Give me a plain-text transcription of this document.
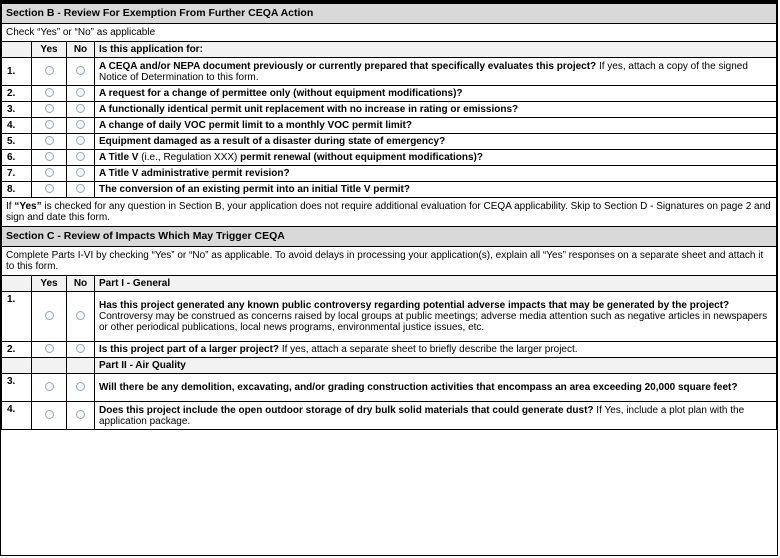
Section B - Review For Exemption From Further CEQA Action			
Check “Yes” or “No” as applicable			
	Yes	No	Is this application for:
1.			A CEQA and/or NEPA document previously or currently prepared that specifically evaluates this project? If yes, attach a copy of the signed Notice of Determination to this form.
2.			A request for a change of permittee only (without equipment modifications)?
3.			A functionally identical permit unit replacement with no increase in rating or emissions?
4.			A change of daily VOC permit limit to a monthly VOC permit limit?
5.			Equipment damaged as a result of a disaster during state of emergency?
6.			A Title V (i.e., Regulation XXX) permit renewal (without equipment modifications)?
7.			A Title V administrative permit revision?
8.			The conversion of an existing permit into an initial Title V permit?
If “Yes” is checked for any question in Section B, your application does not require additional evaluation for CEQA applicability. Skip to Section D - Signatures on page 2 and sign and date this form.			
Section C - Review of Impacts Which May Trigger CEQA			
Complete Parts I-VI by checking “Yes” or “No” as applicable. To avoid delays in processing your application(s), explain all “Yes” responses on a separate sheet and attach it to this form.			
	Yes	No	Part I - General
1.			Has this project generated any known public controversy regarding potential adverse impacts that may be generated by the project?
Controversy may be construed as concerns raised by local groups at public meetings; adverse media attention such as negative articles in newspapers or other periodical publications, local news programs, environmental justice issues, etc.

2.			Is this project part of a larger project? If yes, attach a separate sheet to briefly describe the larger project.
			Part II - Air Quality
3.			Will there be any demolition, excavating, and/or grading construction activities that encompass an area exceeding 20,000 square feet?
4.			Does this project include the open outdoor storage of dry bulk solid materials that could generate dust? If Yes, include a plot plan with the application package.
